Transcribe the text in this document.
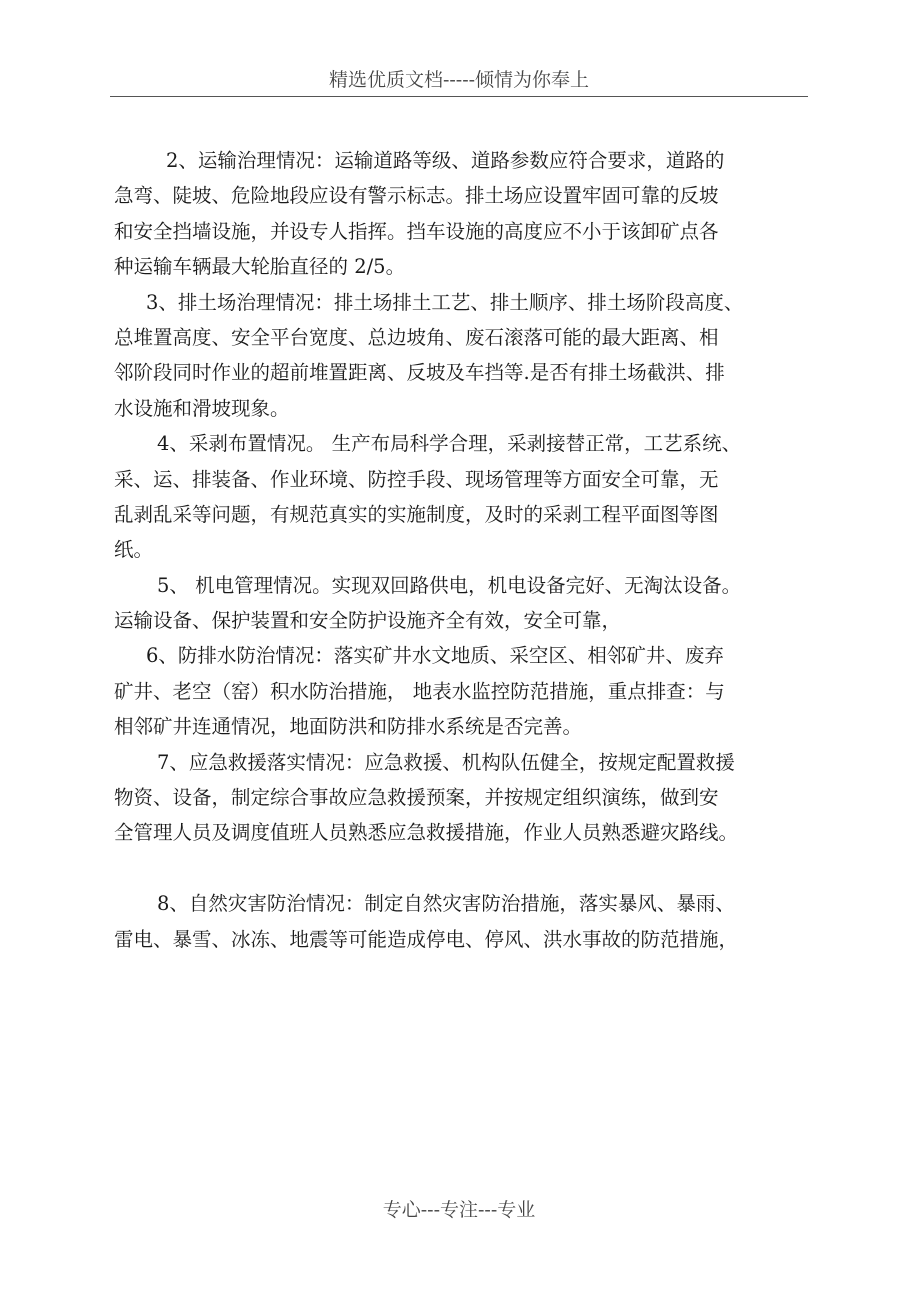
精选优质文档-----倾情为你奉上
2、运输治理情况：运输道路等级、道路参数应符合要求，道路的
急弯、陡坡、危险地段应设有警示标志。排土场应设置牢固可靠的反坡
和安全挡墙设施，并设专人指挥。挡车设施的高度应不小于该卸矿点各
种运输车辆最大轮胎直径的 2/5。
3、排土场治理情况：排土场排土工艺、排土顺序、排土场阶段高度、
总堆置高度、安全平台宽度、总边坡角、废石滚落可能的最大距离、相
邻阶段同时作业的超前堆置距离、反坡及车挡等.是否有排土场截洪、排
水设施和滑坡现象。
4、采剥布置情况。 生产布局科学合理，采剥接替正常，工艺系统、
采、运、排装备、作业环境、防控手段、现场管理等方面安全可靠，无
乱剥乱采等问题，有规范真实的实施制度，及时的采剥工程平面图等图
纸。
5、 机电管理情况。实现双回路供电，机电设备完好、无淘汰设备。
运输设备、保护装置和安全防护设施齐全有效，安全可靠，
6、防排水防治情况：落实矿井水文地质、采空区、相邻矿井、废弃
矿井、老空（窑）积水防治措施， 地表水监控防范措施，重点排查：与
相邻矿井连通情况，地面防洪和防排水系统是否完善。
7、应急救援落实情况：应急救援、机构队伍健全，按规定配置救援
物资、设备，制定综合事故应急救援预案，并按规定组织演练，做到安
全管理人员及调度值班人员熟悉应急救援措施，作业人员熟悉避灾路线。
8、自然灾害防治情况：制定自然灾害防治措施，落实暴风、暴雨、
雷电、暴雪、冰冻、地震等可能造成停电、停风、洪水事故的防范措施，
专心---专注---专业
